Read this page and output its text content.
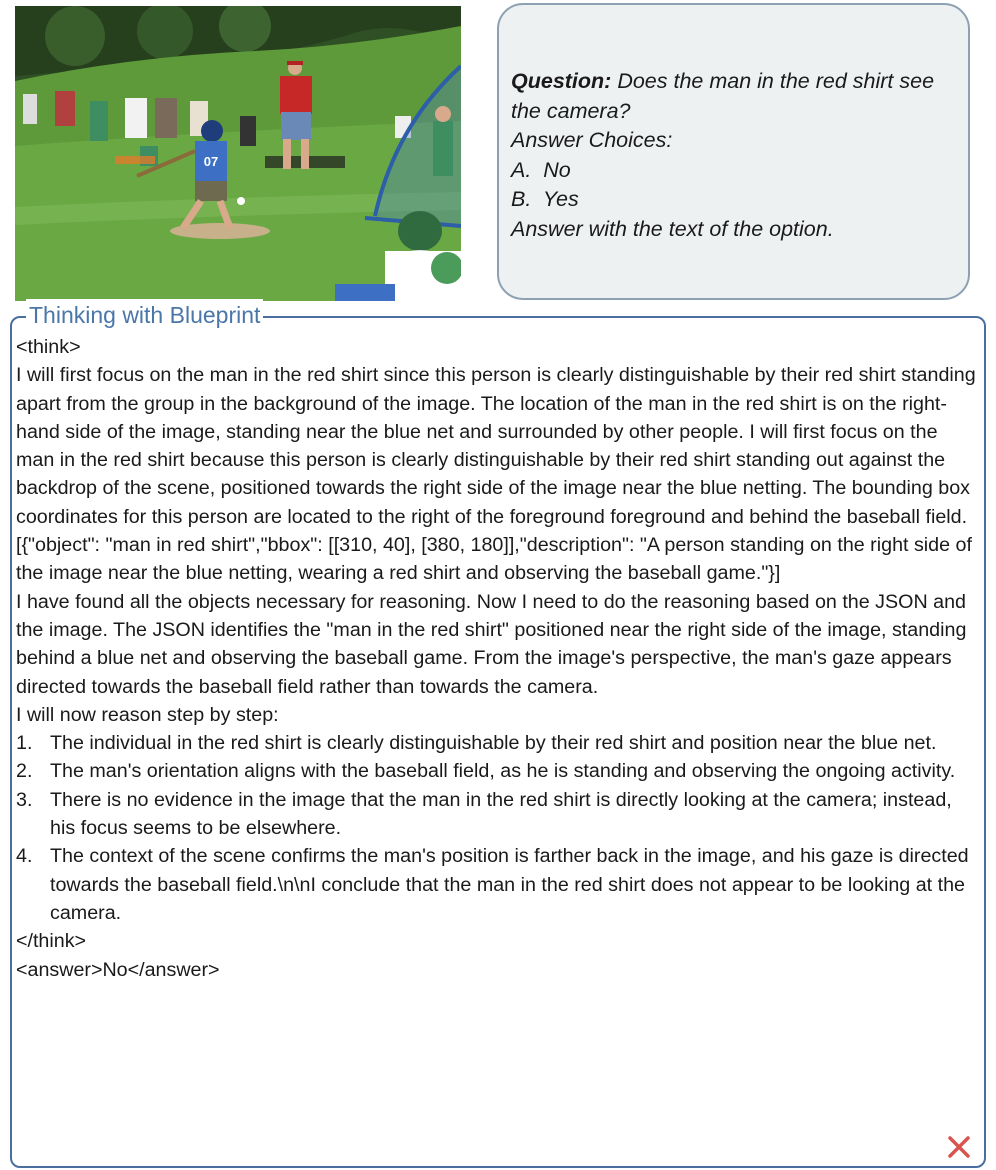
07

Question: Does the man in the red shirt see the camera?

Answer Choices:

A.  No

B.  Yes

Answer with the text of the option.

Thinking with Blueprint

<think>

I will first focus on the man in the red shirt since this person is clearly distinguishable by their red shirt standing apart from the group in the background of the image. The location of the man in the red shirt is on the right-hand side of the image, standing near the blue net and surrounded by other people. I will first focus on the man in the red shirt because this person is clearly distinguishable by their red shirt standing out against the backdrop of the scene, positioned towards the right side of the image near the blue netting. The bounding box coordinates for this person are located to the right of the foreground foreground and behind the baseball field.

[{"object": "man in red shirt","bbox": [[310, 40], [380, 180]],"description": "A person standing on the right side of the image near the blue netting, wearing a red shirt and observing the baseball game."}]

I have found all the objects necessary for reasoning. Now I need to do the reasoning based on the JSON and the image. The JSON identifies the "man in the red shirt" positioned near the right side of the image, standing behind a blue net and observing the baseball game. From the image's perspective, the man's gaze appears directed towards the baseball field rather than towards the camera.

I will now reason step by step:

1. The individual in the red shirt is clearly distinguishable by their red shirt and position near the blue net.
2. The man's orientation aligns with the baseball field, as he is standing and observing the ongoing activity.
3. There is no evidence in the image that the man in the red shirt is directly looking at the camera; instead, his focus seems to be elsewhere.
4. The context of the scene confirms the man's position is farther back in the image, and his gaze is directed towards the baseball field.\n\nI conclude that the man in the red shirt does not appear to be looking at the camera.

</think>

<answer>No</answer>
